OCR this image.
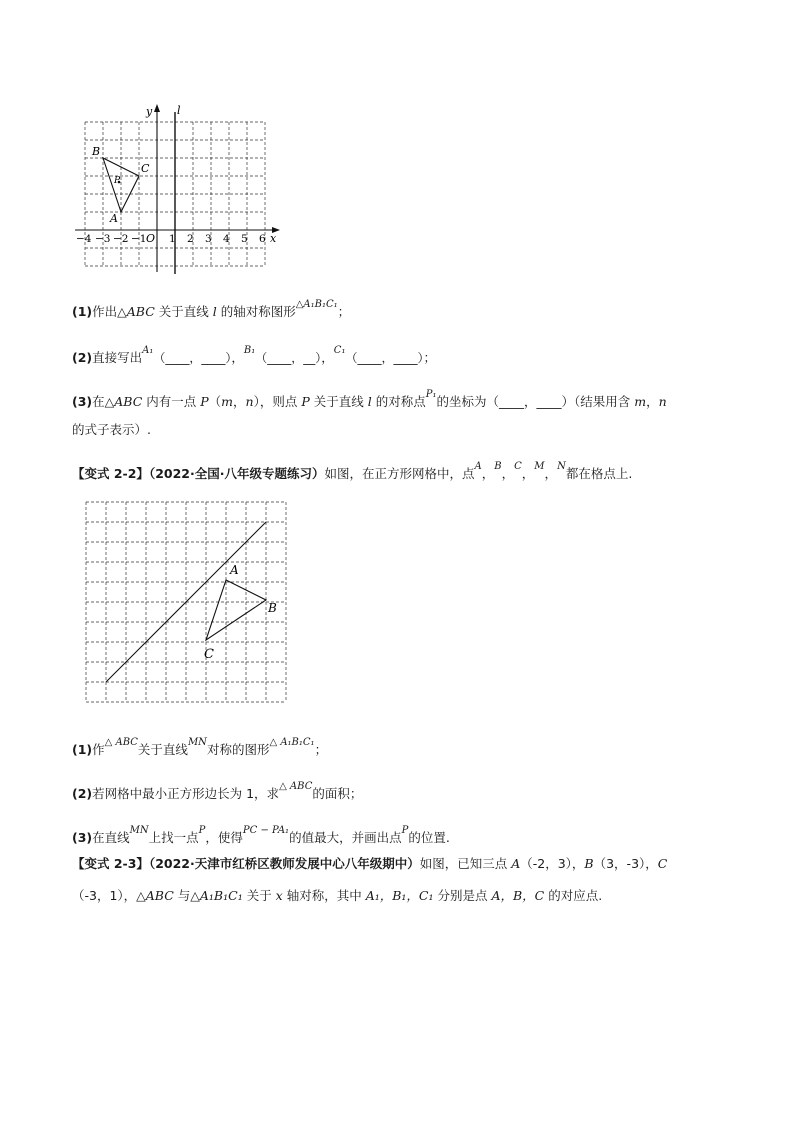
y l
B
C
P
A
O	x
−4 −3 −2 −1 1 2 3 4 5 6
(1)作出△ABC 关于直线 l 的轴对称图形$^{\triangle A_1B_1C_1}$；
(2)直接写出$^{A_1}$（____，____），$^{B_1}$（____，__），$^{C_1}$（____，____）；
(3)在△ABC 内有一点 P（m，n），则点 P 关于直线 l 的对称点$^{P_1}$的坐标为（____，____）（结果用含 m，n
的式子表示）.
【变式 2-2】（2022·全国·八年级专题练习）如图，在正方形网格中，点$^A$，$^B$，$^C$，$^M$，$^N$都在格点上.
A
B
C
(1)作$^{\triangle ABC}$关于直线$^{MN}$对称的图形$^{\triangle A_1B_1C_1}$；
(2)若网格中最小正方形边长为 1，求$^{\triangle ABC}$的面积；
(3)在直线$^{MN}$上找一点$^P$，使得$^{PC - PA_1}$的值最大，并画出点$^P$的位置.
【变式 2-3】（2022·天津市红桥区教师发展中心八年级期中）如图，已知三点 A（-2，3），B（3，-3），C
（-3，1），△ABC 与△A₁B₁C₁ 关于 x 轴对称，其中 A₁，B₁，C₁ 分别是点 A，B，C 的对应点.
